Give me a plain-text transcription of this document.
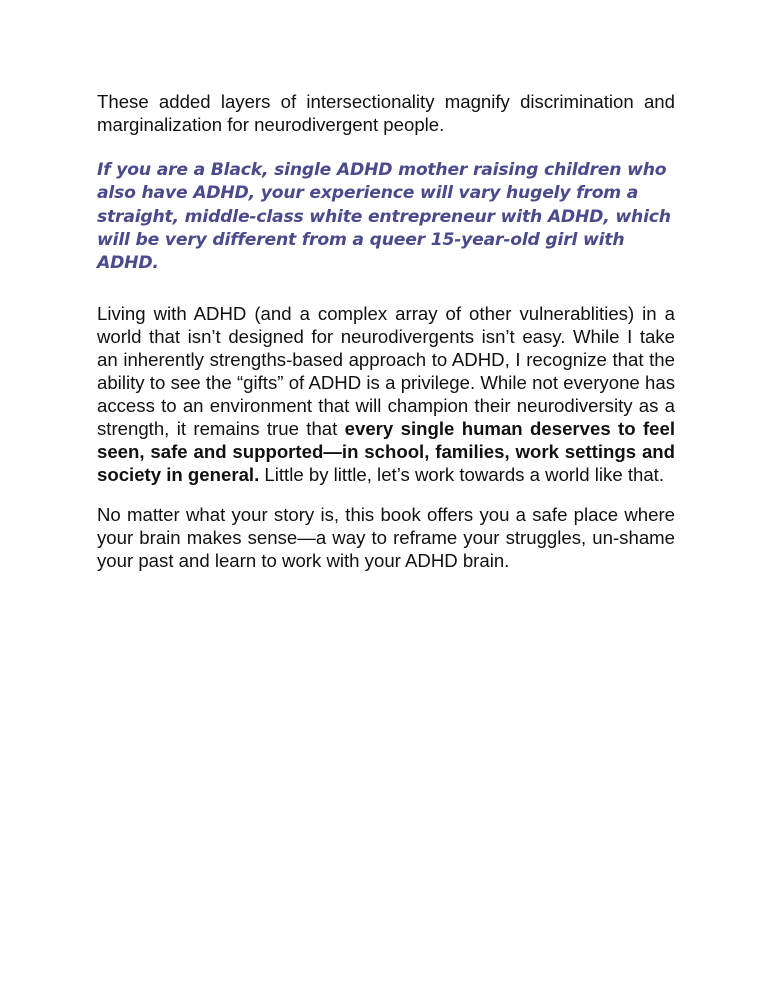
These added layers of intersectionality magnify discrimination and marginalization for neurodivergent people.

If you are a Black, single ADHD mother raising children who also have ADHD, your experience will vary hugely from a straight, middle-class white entrepreneur with ADHD, which will be very different from a queer 15-year-old girl with ADHD.

Living with ADHD (and a complex array of other vulnerablities) in a world that isn’t designed for neurodivergents isn’t easy. While I take an inherently strengths-based approach to ADHD, I recognize that the ability to see the “gifts” of ADHD is a privilege. While not everyone has access to an environment that will champion their neurodiversity as a strength, it remains true that every single human deserves to feel seen, safe and supported—in school, families, work settings and society in general. Little by little, let’s work towards a world like that.

No matter what your story is, this book offers you a safe place where your brain makes sense—a way to reframe your struggles, un-shame your past and learn to work with your ADHD brain.
